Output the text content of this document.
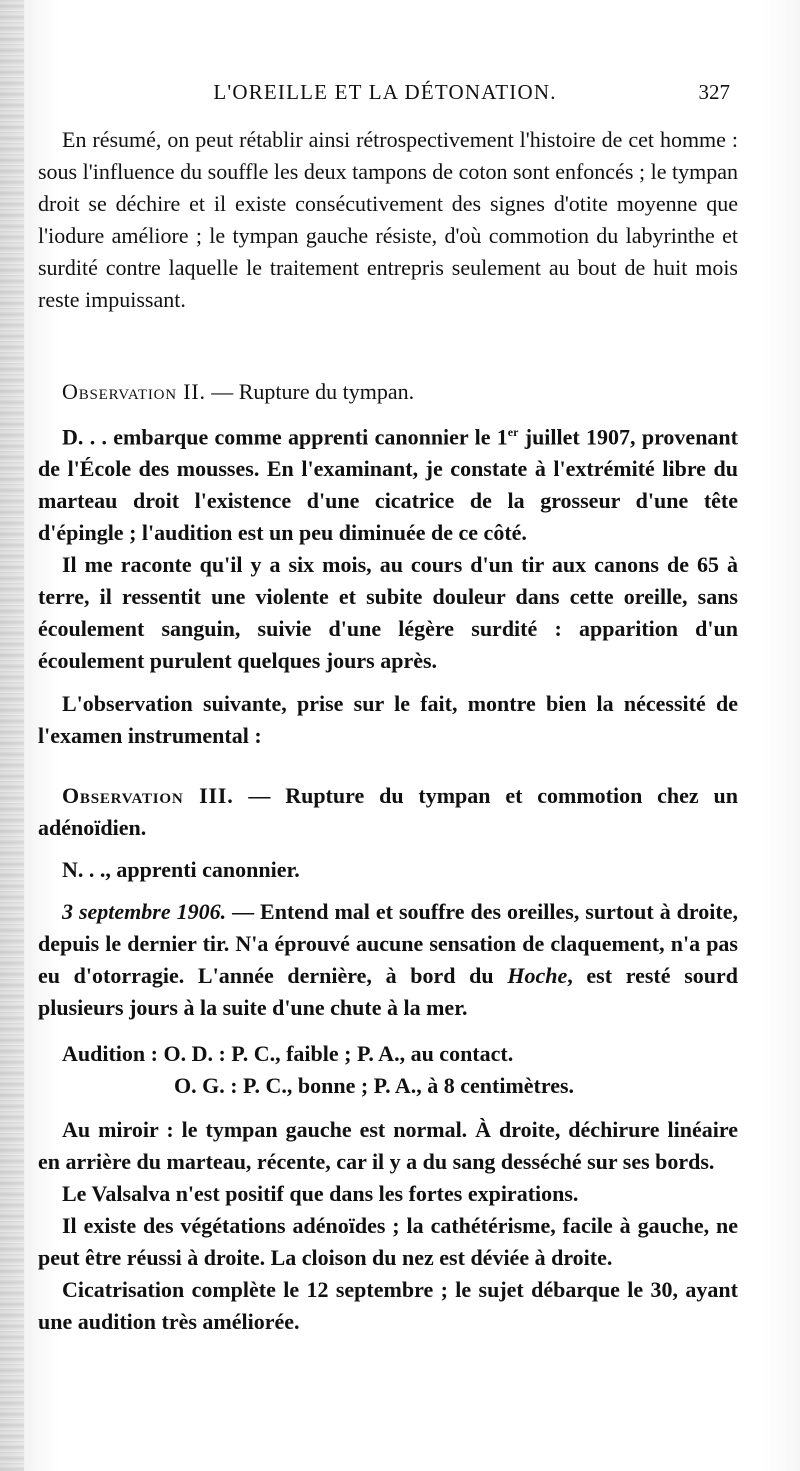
L'OREILLE ET LA DÉTONATION.	327

En résumé, on peut rétablir ainsi rétrospectivement l'histoire de cet homme : sous l'influence du souffle les deux tampons de coton sont enfoncés ; le tympan droit se déchire et il existe consécutivement des signes d'otite moyenne que l'iodure améliore ; le tympan gauche résiste, d'où commotion du labyrinthe et surdité contre laquelle le traitement entrepris seulement au bout de huit mois reste impuissant.

Observation II. — Rupture du tympan.

D. . . embarque comme apprenti canonnier le 1er juillet 1907, provenant de l'École des mousses. En l'examinant, je constate à l'extrémité libre du marteau droit l'existence d'une cicatrice de la grosseur d'une tête d'épingle ; l'audition est un peu diminuée de ce côté.

Il me raconte qu'il y a six mois, au cours d'un tir aux canons de 65 à terre, il ressentit une violente et subite douleur dans cette oreille, sans écoulement sanguin, suivie d'une légère surdité : apparition d'un écoulement purulent quelques jours après.

L'observation suivante, prise sur le fait, montre bien la nécessité de l'examen instrumental :

Observation III. — Rupture du tympan et commotion chez un adénoïdien.

N. . ., apprenti canonnier.

3 septembre 1906. — Entend mal et souffre des oreilles, surtout à droite, depuis le dernier tir. N'a éprouvé aucune sensation de claquement, n'a pas eu d'otorragie. L'année dernière, à bord du Hoche, est resté sourd plusieurs jours à la suite d'une chute à la mer.

Audition : O. D. : P. C., faible ; P. A., au contact.
O. G. : P. C., bonne ; P. A., à 8 centimètres.

Au miroir : le tympan gauche est normal. À droite, déchirure linéaire en arrière du marteau, récente, car il y a du sang desséché sur ses bords.

Le Valsalva n'est positif que dans les fortes expirations.

Il existe des végétations adénoïdes ; la cathétérisme, facile à gauche, ne peut être réussi à droite. La cloison du nez est déviée à droite.

Cicatrisation complète le 12 septembre ; le sujet débarque le 30, ayant une audition très améliorée.
